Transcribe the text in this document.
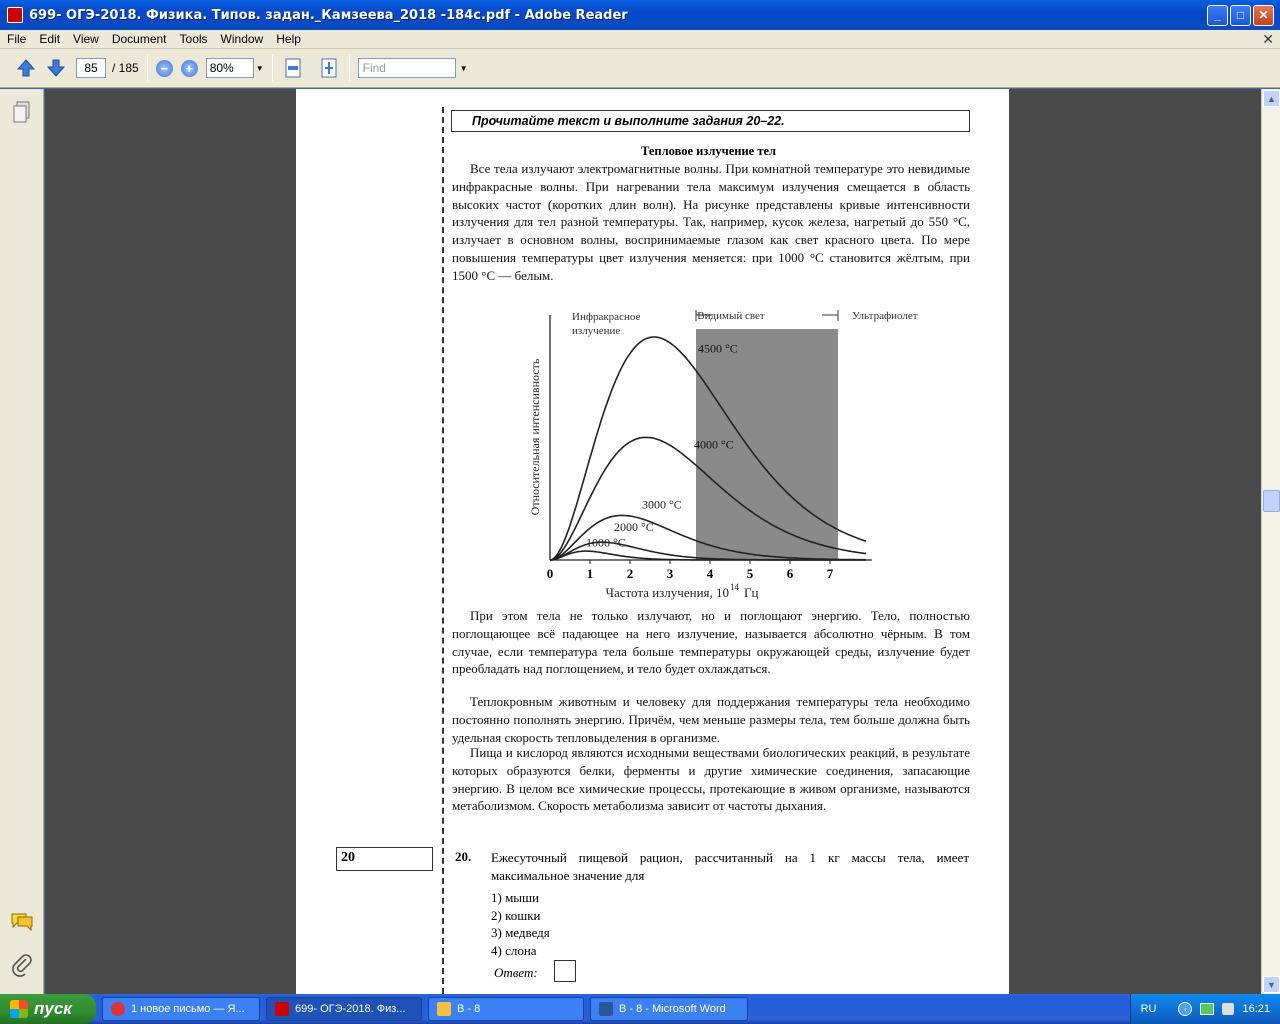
699- ОГЭ-2018. Физика. Типов. задан._Камзеева_2018 -184с.pdf - Adobe Reader	_	□	✕
File	Edit	View	Document	Tools	Window	Help	✕
85	/ 185	−	+	80%	▼	Find	▼
Прочитайте текст и выполните задания 20–22.
Тепловое излучение тел
Все тела излучают электромагнитные волны. При комнатной температуре это невидимые инфракрасные волны. При нагревании тела максимум излучения смещается в область высоких частот (коротких длин волн). На рисунке представлены кривые интенсивности излучения для тел разной температуры. Так, например, кусок железа, нагретый до 550 °С, излучает в основном волны, воспринимаемые глазом как свет красного цвета. По мере повышения температуры цвет излучения меняется: при 1000 °С становится жёлтым, при 1500 °С — белым.
Инфракрасное
излучение
Видимый свет	Ультрафиолет
Относительная интенсивность
0	1	2	3	4	5	6	7
Частота излучения, 10 14 Гц
4500 °C
4000 °C
3000 °C
2000 °C
1000 °C
При этом тела не только излучают, но и поглощают энергию. Тело, полностью поглощающее всё падающее на него излучение, называется абсолютно чёрным. В том случае, если температура тела больше температуры окружающей среды, излучение будет преобладать над поглощением, и тело будет охлаждаться.
Теплокровным животным и человеку для поддержания температуры тела необходимо постоянно пополнять энергию. Причём, чем меньше размеры тела, тем больше должна быть удельная скорость тепловыделения в организме.
Пища и кислород являются исходными веществами биологических реакций, в результате которых образуются белки, ферменты и другие химические соединения, запасающие энергию. В целом все химические процессы, протекающие в живом организме, называются метаболизмом. Скорость метаболизма зависит от частоты дыхания.
20	20. Ежесуточный пищевой рацион, рассчитанный на 1 кг массы тела, имеет максимальное значение для
1) мыши
2) кошки
3) медведя
4) слона
Ответ:
▲
▼
пуск	1 новое письмо — Я...	699- ОГЭ-2018. Физ...	В - 8	В - 8 - Microsoft Word	RU	‹	16:21
